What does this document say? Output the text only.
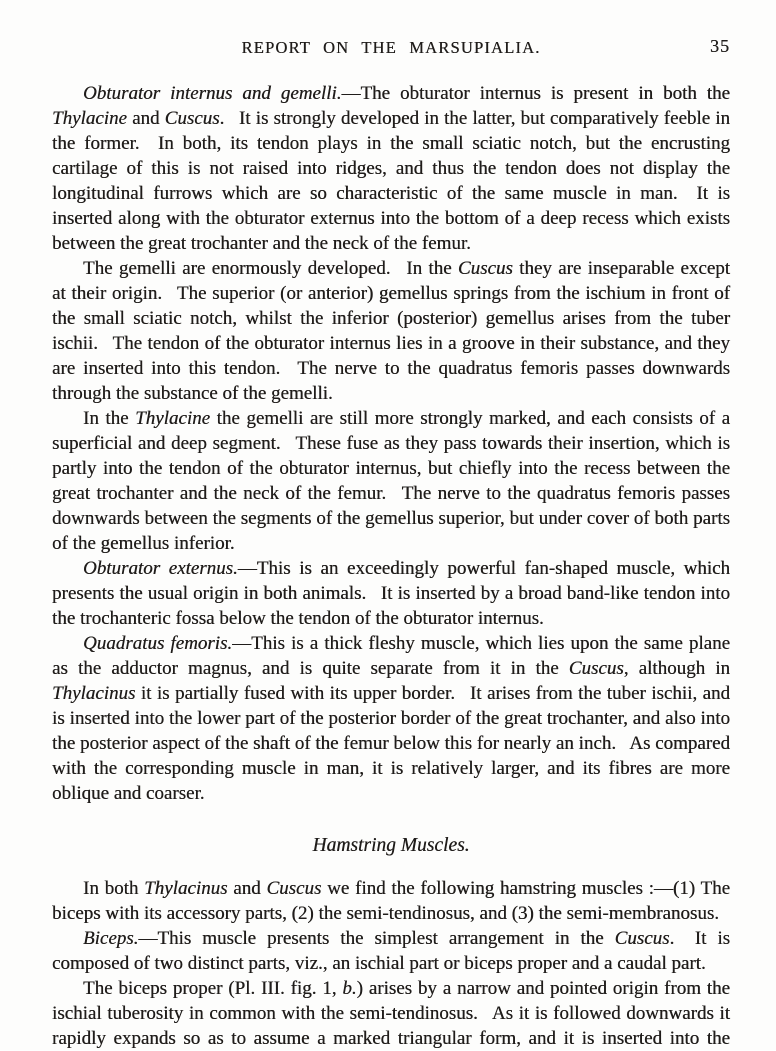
REPORT ON THE MARSUPIALIA.	35

Obturator internus and gemelli.—The obturator internus is present in both the Thylacine and Cuscus.  It is strongly developed in the latter, but comparatively feeble in the former.  In both, its tendon plays in the small sciatic notch, but the encrusting cartilage of this is not raised into ridges, and thus the tendon does not display the longitudinal furrows which are so characteristic of the same muscle in man.  It is inserted along with the obturator externus into the bottom of a deep recess which exists between the great trochanter and the neck of the femur.

The gemelli are enormously developed.  In the Cuscus they are inseparable except at their origin.  The superior (or anterior) gemellus springs from the ischium in front of the small sciatic notch, whilst the inferior (posterior) gemellus arises from the tuber ischii.  The tendon of the obturator internus lies in a groove in their substance, and they are inserted into this tendon.  The nerve to the quadratus femoris passes downwards through the substance of the gemelli.

In the Thylacine the gemelli are still more strongly marked, and each consists of a superficial and deep segment.  These fuse as they pass towards their insertion, which is partly into the tendon of the obturator internus, but chiefly into the recess between the great trochanter and the neck of the femur.  The nerve to the quadratus femoris passes downwards between the segments of the gemellus superior, but under cover of both parts of the gemellus inferior.

Obturator externus.—This is an exceedingly powerful fan-shaped muscle, which presents the usual origin in both animals.  It is inserted by a broad band-like tendon into the trochanteric fossa below the tendon of the obturator internus.

Quadratus femoris.—This is a thick fleshy muscle, which lies upon the same plane as the adductor magnus, and is quite separate from it in the Cuscus, although in Thylacinus it is partially fused with its upper border.  It arises from the tuber ischii, and is inserted into the lower part of the posterior border of the great trochanter, and also into the posterior aspect of the shaft of the femur below this for nearly an inch.  As compared with the corresponding muscle in man, it is relatively larger, and its fibres are more oblique and coarser.

Hamstring Muscles.

In both Thylacinus and Cuscus we find the following hamstring muscles :—(1) The biceps with its accessory parts, (2) the semi-tendinosus, and (3) the semi-membranosus.

Biceps.—This muscle presents the simplest arrangement in the Cuscus.  It is composed of two distinct parts, viz., an ischial part or biceps proper and a caudal part.

The biceps proper (Pl. III. fig. 1, b.) arises by a narrow and pointed origin from the ischial tuberosity in common with the semi-tendinosus.  As it is followed downwards it rapidly expands so as to assume a marked triangular form, and it is inserted into the
